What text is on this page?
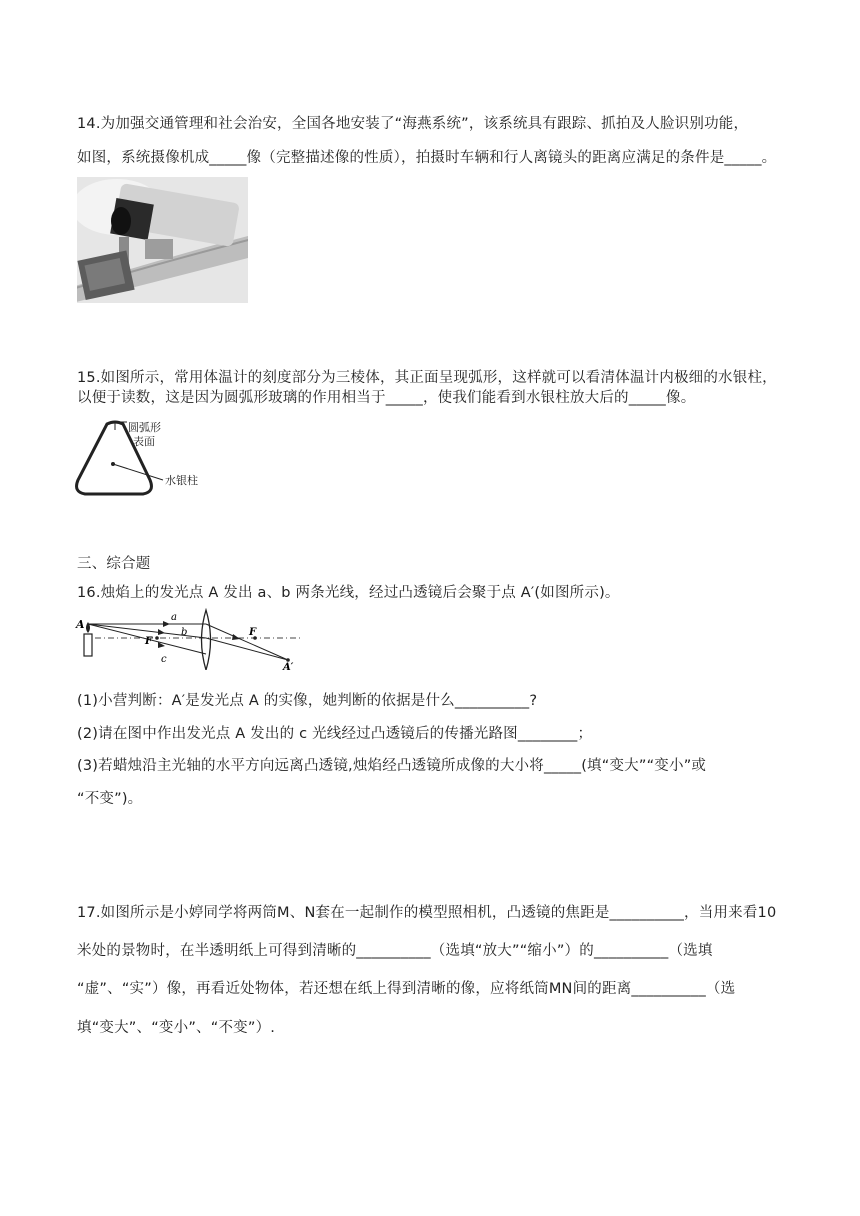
14.为加强交通管理和社会治安，全国各地安装了“海燕系统”，该系统具有跟踪、抓拍及人脸识别功能，
如图，系统摄像机成_____像（完整描述像的性质），拍摄时车辆和行人离镜头的距离应满足的条件是_____。
15.如图所示，常用体温计的刻度部分为三棱体，其正面呈现弧形，这样就可以看清体温计内极细的水银柱，
以便于读数，这是因为圆弧形玻璃的作用相当于_____，使我们能看到水银柱放大后的_____像。
圆弧形
表面
水银柱
三、综合题
16.烛焰上的发光点 A 发出 a、b 两条光线，经过凸透镜后会聚于点 A′(如图所示)。
A
a
b
c
F
F
A′
(1)小营判断：A′是发光点 A 的实像，她判断的依据是什么__________?
(2)请在图中作出发光点 A 发出的 c 光线经过凸透镜后的传播光路图________；
(3)若蜡烛沿主光轴的水平方向远离凸透镜,烛焰经凸透镜所成像的大小将_____(填“变大”“变小”或
“不变”)。
17.如图所示是小婷同学将两筒M、N套在一起制作的模型照相机，凸透镜的焦距是__________，当用来看10
米处的景物时，在半透明纸上可得到清晰的__________（选填“放大”“缩小”）的__________（选填
“虚”、“实”）像，再看近处物体，若还想在纸上得到清晰的像，应将纸筒MN间的距离__________（选
填“变大”、“变小”、“不变”）.
